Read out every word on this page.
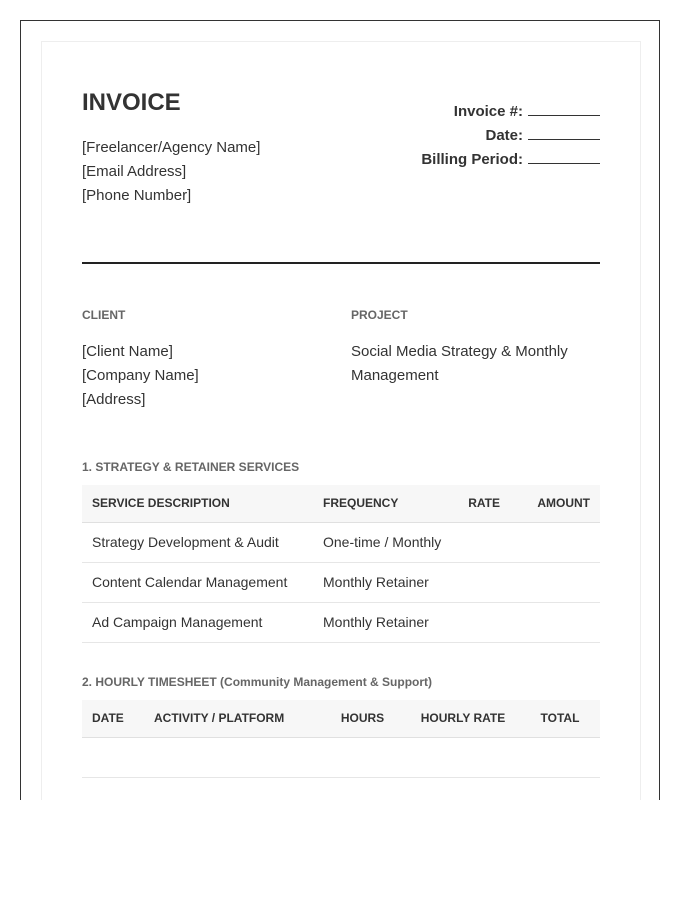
INVOICE
[Freelancer/Agency Name]
[Email Address]
[Phone Number]
Invoice #:
Date:
Billing Period:
CLIENT
[Client Name]
[Company Name]
[Address]
PROJECT
Social Media Strategy & Monthly Management
1. STRATEGY & RETAINER SERVICES
SERVICE DESCRIPTION	FREQUENCY	RATE	AMOUNT
Strategy Development & Audit	One-time / Monthly		
Content Calendar Management	Monthly Retainer		
Ad Campaign Management	Monthly Retainer		
2. HOURLY TIMESHEET (Community Management & Support)
DATE	ACTIVITY / PLATFORM	HOURS	HOURLY RATE	TOTAL
